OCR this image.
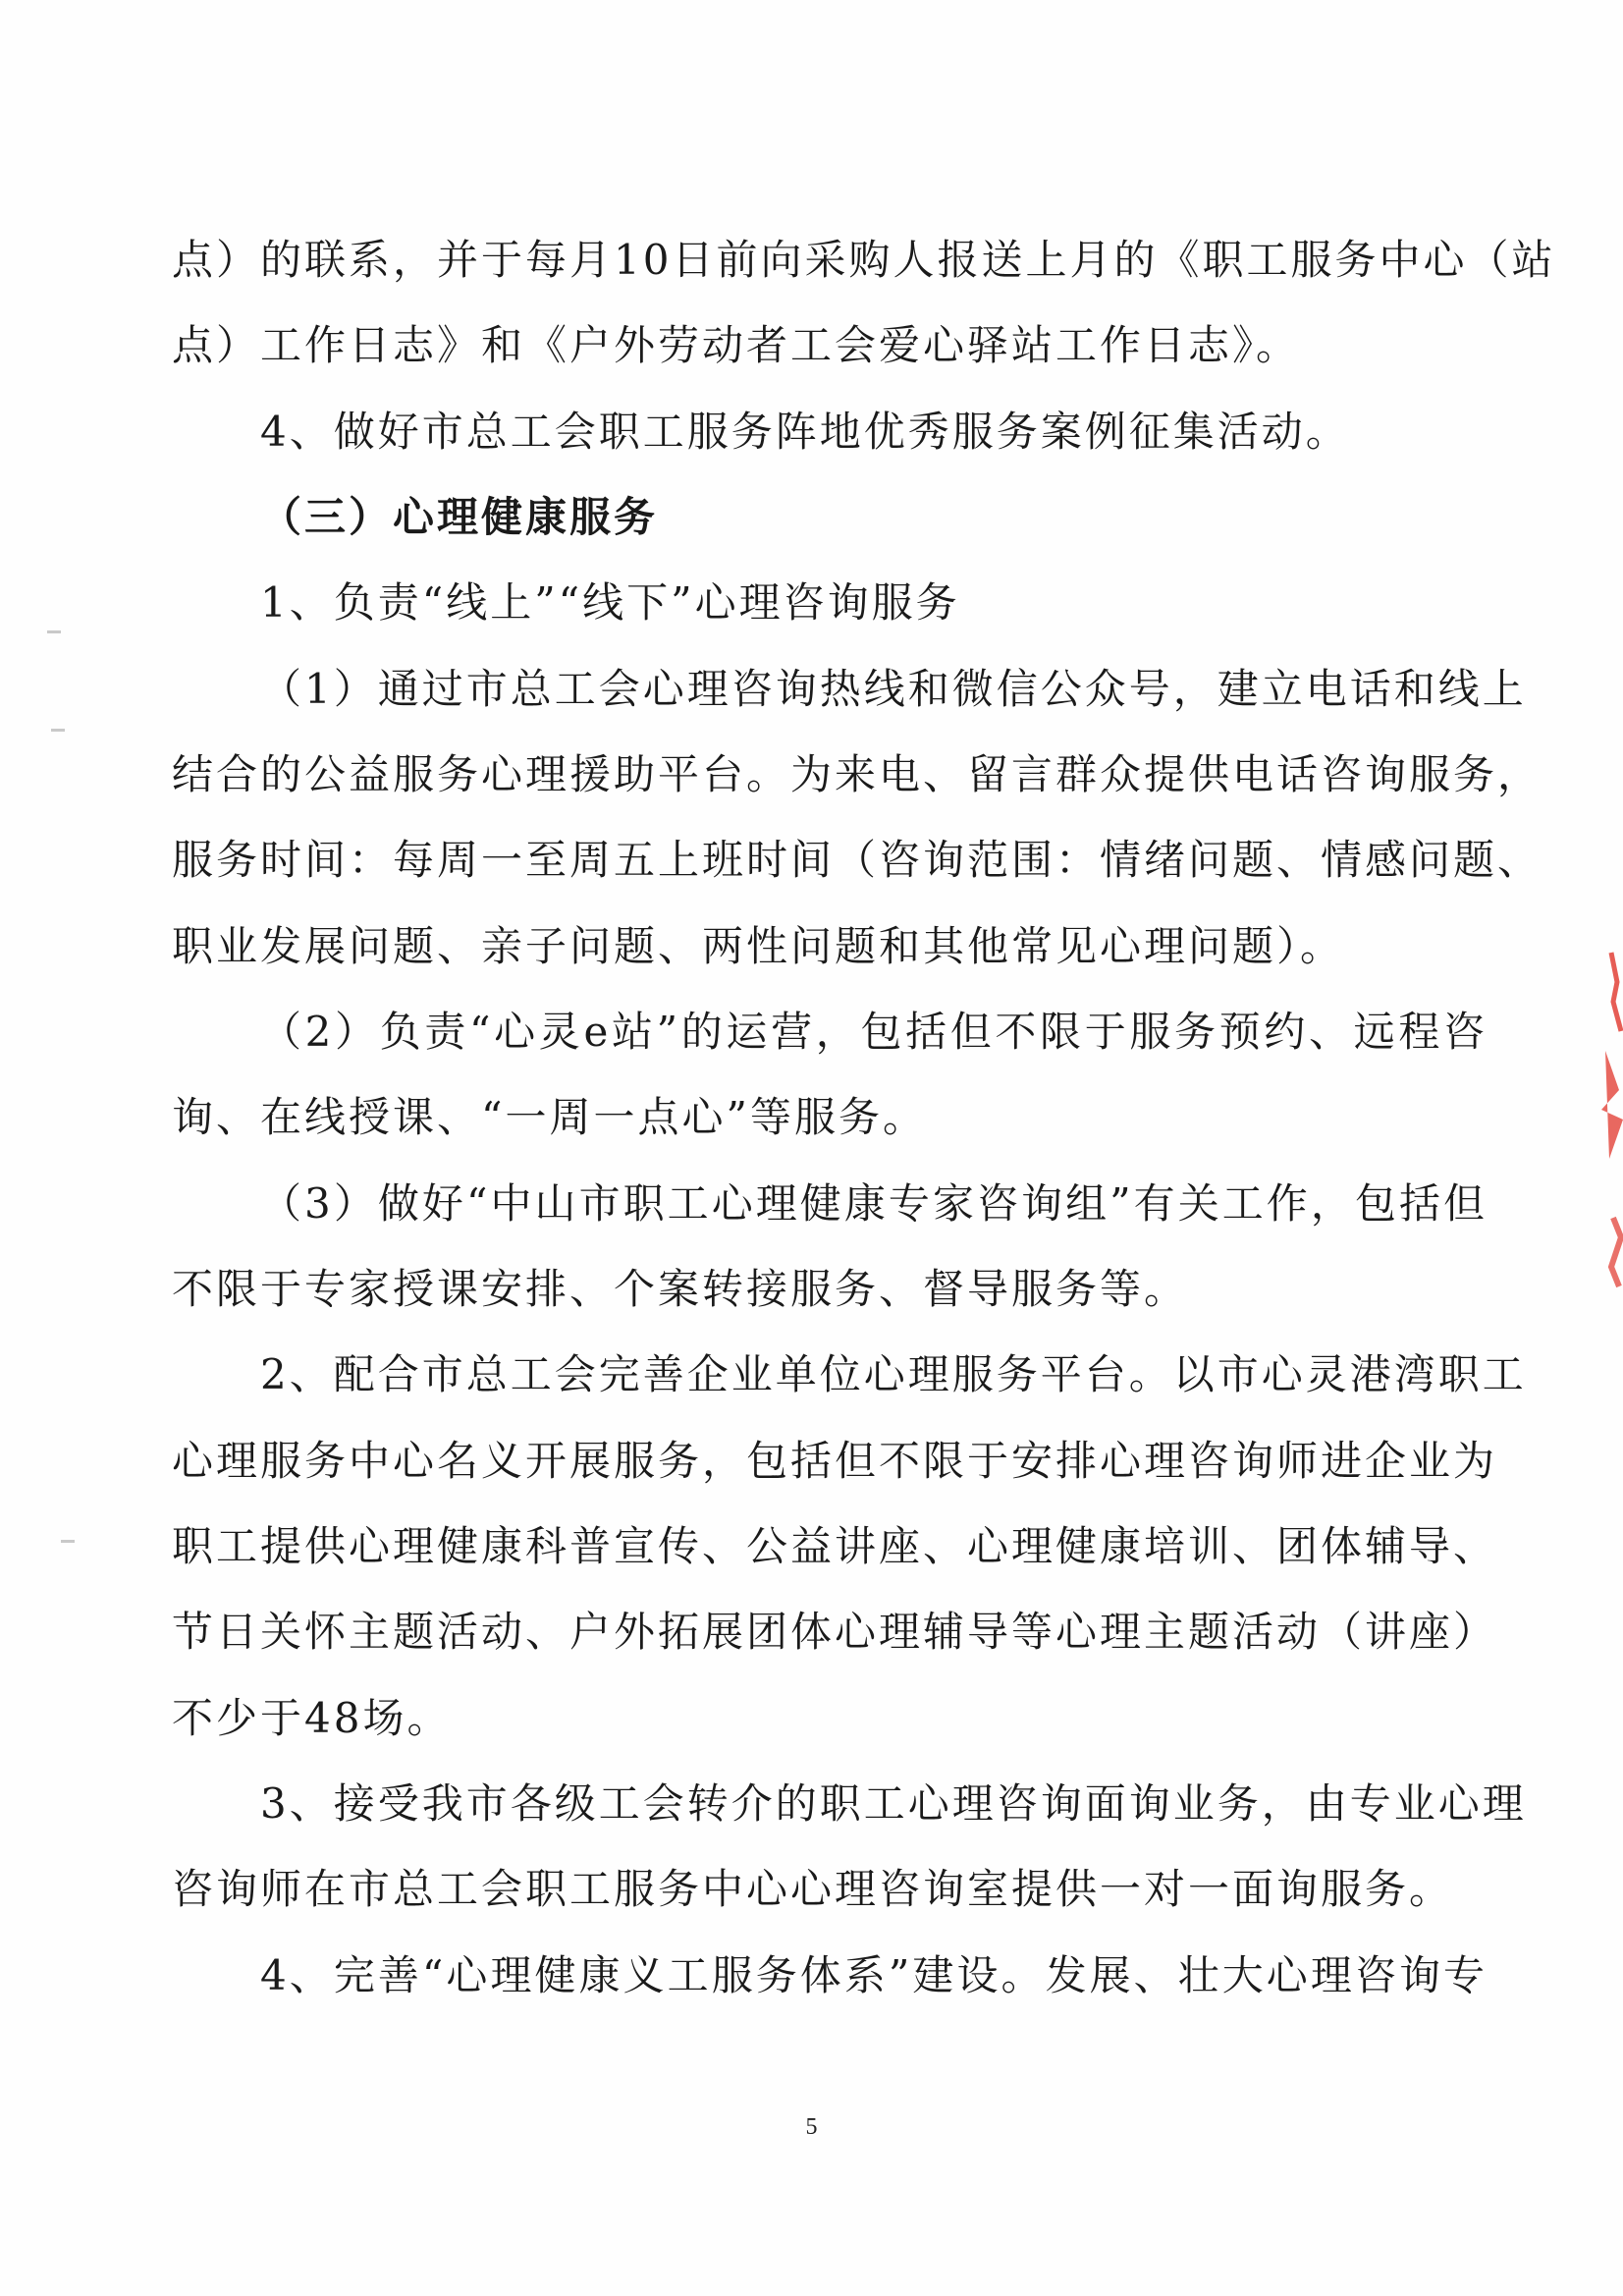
点）的联系，并于每月10日前向采购人报送上月的《职工服务中心（站
点）工作日志》和《户外劳动者工会爱心驿站工作日志》。
4、做好市总工会职工服务阵地优秀服务案例征集活动。
（三）心理健康服务
1、负责“线上”“线下”心理咨询服务
（1）通过市总工会心理咨询热线和微信公众号，建立电话和线上
结合的公益服务心理援助平台。为来电、留言群众提供电话咨询服务，
服务时间：每周一至周五上班时间（咨询范围：情绪问题、情感问题、
职业发展问题、亲子问题、两性问题和其他常见心理问题）。
（2）负责“心灵e站”的运营，包括但不限于服务预约、远程咨
询、在线授课、“一周一点心”等服务。
（3）做好“中山市职工心理健康专家咨询组”有关工作，包括但
不限于专家授课安排、个案转接服务、督导服务等。
2、配合市总工会完善企业单位心理服务平台。以市心灵港湾职工
心理服务中心名义开展服务，包括但不限于安排心理咨询师进企业为
职工提供心理健康科普宣传、公益讲座、心理健康培训、团体辅导、
节日关怀主题活动、户外拓展团体心理辅导等心理主题活动（讲座）
不少于48场。
3、接受我市各级工会转介的职工心理咨询面询业务，由专业心理
咨询师在市总工会职工服务中心心理咨询室提供一对一面询服务。
4、完善“心理健康义工服务体系”建设。发展、壮大心理咨询专
5
